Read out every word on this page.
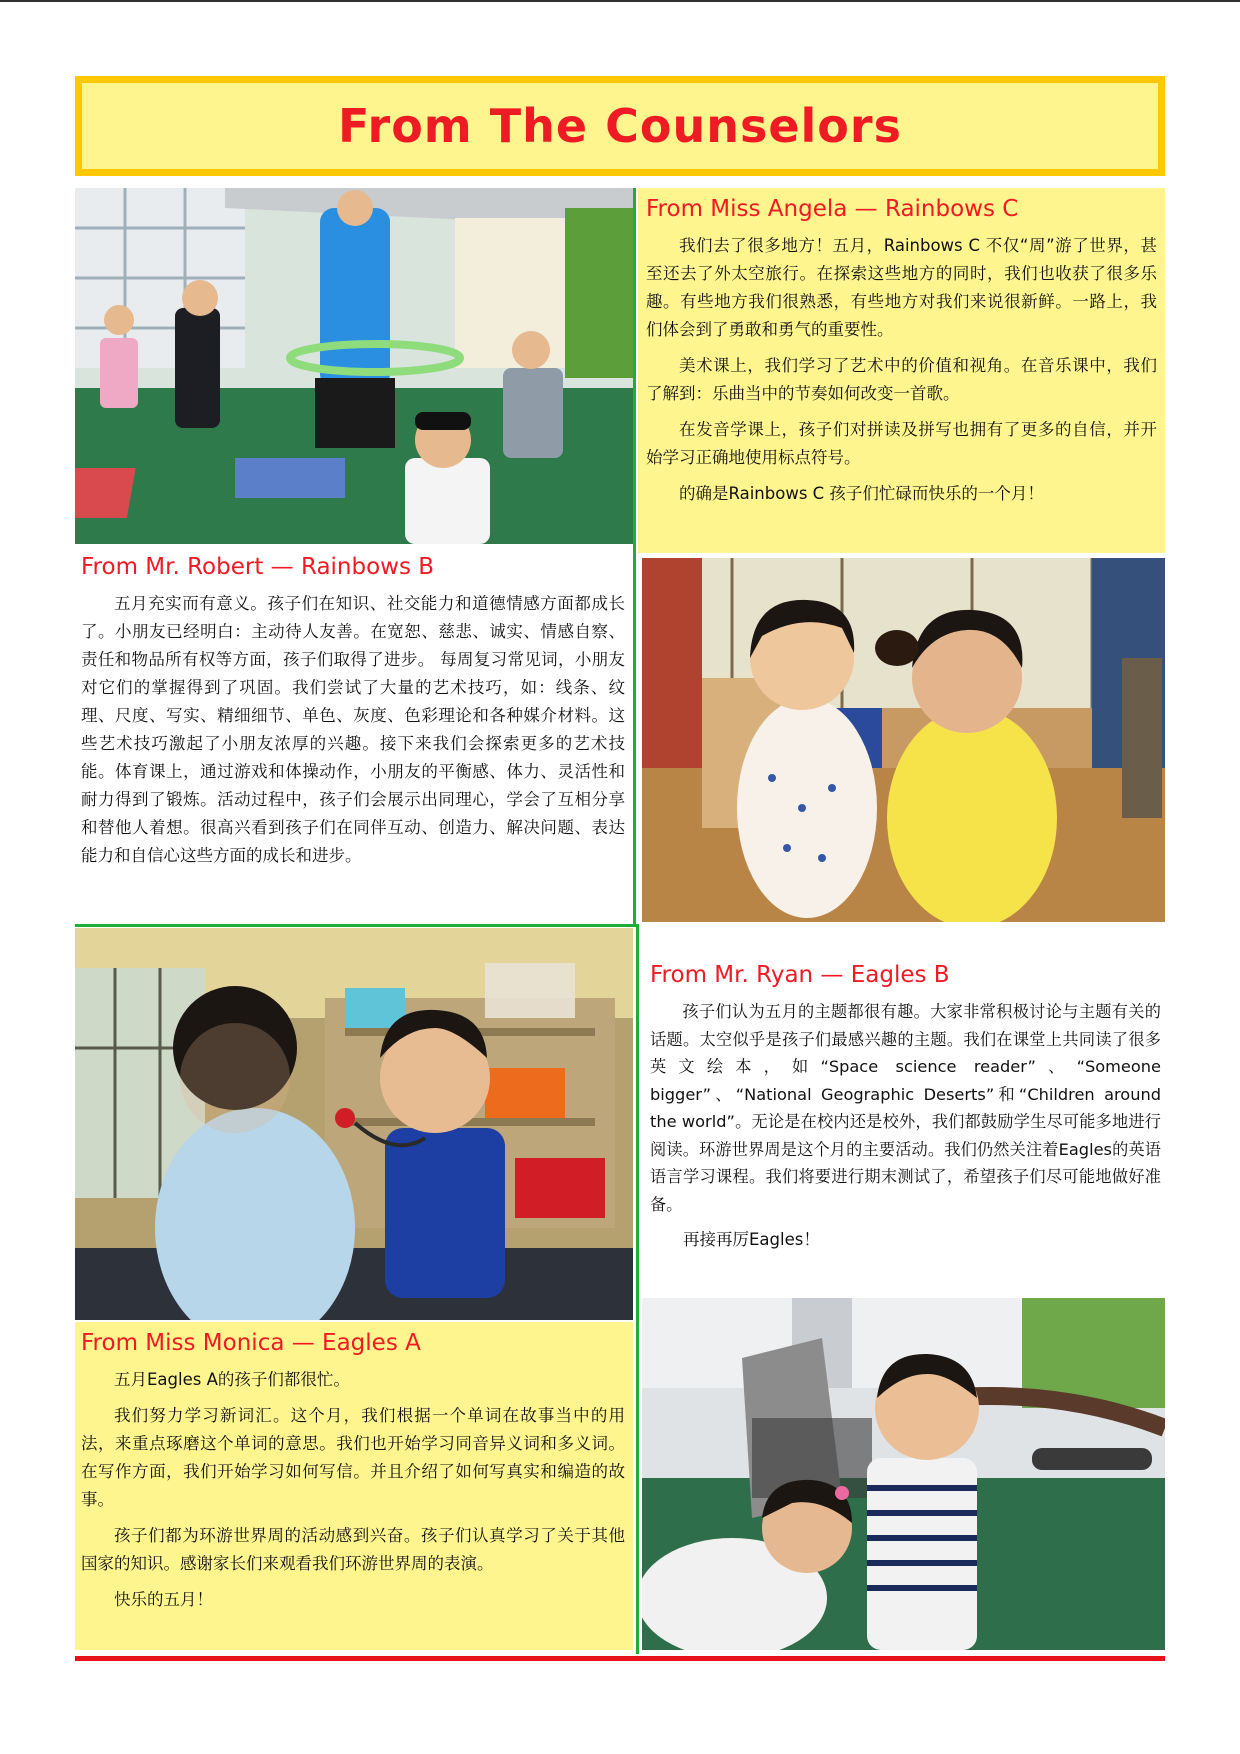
From The Counselors
From Miss Angela — Rainbows C

我们去了很多地方！五月，Rainbows C 不仅“周”游了世界，甚至还去了外太空旅行。在探索这些地方的同时，我们也收获了很多乐趣。有些地方我们很熟悉，有些地方对我们来说很新鲜。一路上，我们体会到了勇敢和勇气的重要性。

美术课上，我们学习了艺术中的价值和视角。在音乐课中，我们了解到：乐曲当中的节奏如何改变一首歌。

在发音学课上，孩子们对拼读及拼写也拥有了更多的自信，并开始学习正确地使用标点符号。

的确是Rainbows C 孩子们忙碌而快乐的一个月！

From Mr. Robert — Rainbows B

五月充实而有意义。孩子们在知识、社交能力和道德情感方面都成长了。小朋友已经明白：主动待人友善。在宽恕、慈悲、诚实、情感自察、责任和物品所有权等方面，孩子们取得了进步。 每周复习常见词，小朋友对它们的掌握得到了巩固。我们尝试了大量的艺术技巧，如：线条、纹理、尺度、写实、精细细节、单色、灰度、色彩理论和各种媒介材料。这些艺术技巧激起了小朋友浓厚的兴趣。接下来我们会探索更多的艺术技能。体育课上，通过游戏和体操动作，小朋友的平衡感、体力、灵活性和耐力得到了锻炼。活动过程中，孩子们会展示出同理心，学会了互相分享和替他人着想。很高兴看到孩子们在同伴互动、创造力、解决问题、表达能力和自信心这些方面的成长和进步。

From Mr. Ryan — Eagles B

孩子们认为五月的主题都很有趣。大家非常积极讨论与主题有关的话题。太空似乎是孩子们最感兴趣的主题。我们在课堂上共同读了很多英文绘本，如“Space science reader”、“Someone bigger”、“National Geographic Deserts”和“Children around the world”。无论是在校内还是校外，我们都鼓励学生尽可能多地进行阅读。环游世界周是这个月的主要活动。我们仍然关注着Eagles的英语语言学习课程。我们将要进行期末测试了，希望孩子们尽可能地做好准备。

再接再厉Eagles！

From Miss Monica — Eagles A

五月Eagles A的孩子们都很忙。

我们努力学习新词汇。这个月，我们根据一个单词在故事当中的用法，来重点琢磨这个单词的意思。我们也开始学习同音异义词和多义词。在写作方面，我们开始学习如何写信。并且介绍了如何写真实和编造的故事。

孩子们都为环游世界周的活动感到兴奋。孩子们认真学习了关于其他国家的知识。感谢家长们来观看我们环游世界周的表演。

快乐的五月！
